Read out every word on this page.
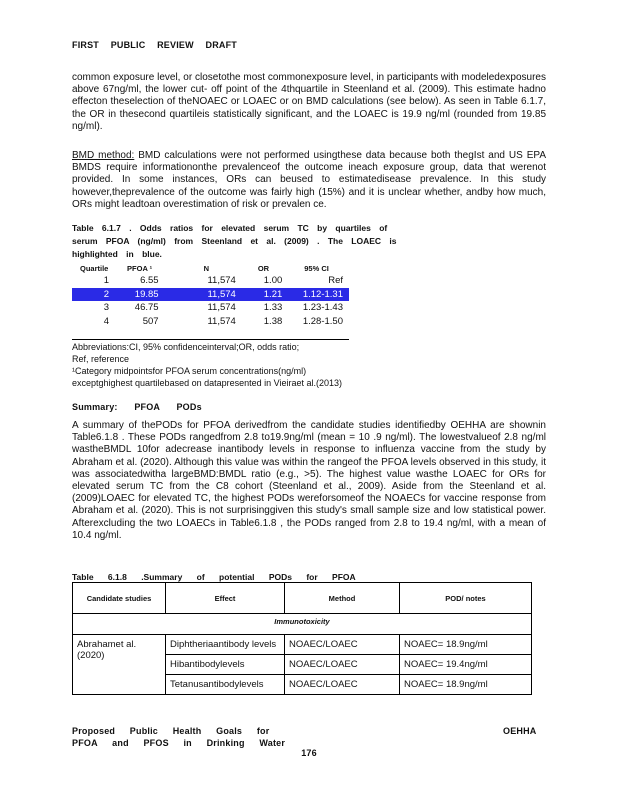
FIRST PUBLIC REVIEW DRAFT

common exposure level, or closetothe most commonexposure level, in participants with modeledexposures above 67ng/ml, the lower cut- off point of the 4thquartile in Steenland et al. (2009). This estimate hadno effecton theselection of theNOAEC or LOAEC or on BMD calculations (see below). As seen in Table 6.1.7, the OR in thesecond quartileis statistically significant, and the LOAEC is 19.9 ng/ml (rounded from 19.85 ng/ml).

BMD method: BMD calculations were not performed usingthese data because both thegIst and US EPA BMDS require informationonthe prevalenceof the outcome ineach exposure group, data that werenot provided. In some instances, ORs can beused to estimatedisease prevalence. In this study however,theprevalence of the outcome was fairly high (15%) and it is unclear whether, andby how much, ORs might leadtoan overestimation of risk or prevalen ce.

Table 6.1.7 . Odds ratios for elevated serum TC by quartiles of serum PFOA (ng/ml) from Steenland et al. (2009) . The LOAEC is highlighted in blue.

Quartile	PFOA ¹	N	OR	95% CI
1	6.55	11,574	1.00	Ref
2	19.85	11,574	1.21	1.12-1.31
3	46.75	11,574	1.33	1.23-1.43
4	507	11,574	1.38	1.28-1.50
Abbreviations:CI, 95% confidenceinterval;OR, odds ratio;
Ref, reference
¹Category midpointsfor PFOA serum concentrations(ng/ml)
exceptghighest quartilebased on datapresented in Vieiraet al.(2013)
Summary: PFOA PODs

A summary of thePODs for PFOA derivedfrom the candidate studies identifiedby OEHHA are shownin Table6.1.8 . These PODs rangedfrom 2.8 to19.9ng/ml (mean = 10 .9 ng/ml). The lowestvalueof 2.8 ng/ml wastheBMDL 10for adecrease inantibody levels in response to influenza vaccine from the study by Abraham et al. (2020). Although this value was within the rangeof the PFOA levels observed in this study, it was associatedwitha largeBMD:BMDL ratio (e.g., >5). The highest value wasthe LOAEC for ORs for elevated serum TC from the C8 cohort (Steenland et al., 2009). Aside from the Steenland et al. (2009)LOAEC for elevated TC, the highest PODs wereforsomeof the NOAECs for vaccine response from Abraham et al. (2020). This is not surprisinggiven this study's small sample size and low statistical power. Afterexcluding the two LOAECs in Table6.1.8 , the PODs ranged from 2.8 to 19.4 ng/ml, with a mean of 10.4 ng/ml.

Table 6.1.8 .Summary of potential PODs for PFOA
Candidate studies	Effect	Method	POD/ notes
Immunotoxicity			
Abrahamet al. (2020)	Diphtheriaantibody levels	NOAEC/LOAEC	NOAEC= 18.9ng/ml
	Hibantibodylevels	NOAEC/LOAEC	NOAEC= 19.4ng/ml
	Tetanusantibodylevels	NOAEC/LOAEC	NOAEC= 18.9ng/ml
Proposed Public Health Goals for
PFOA and PFOS in Drinking Water
OEHHA
176
